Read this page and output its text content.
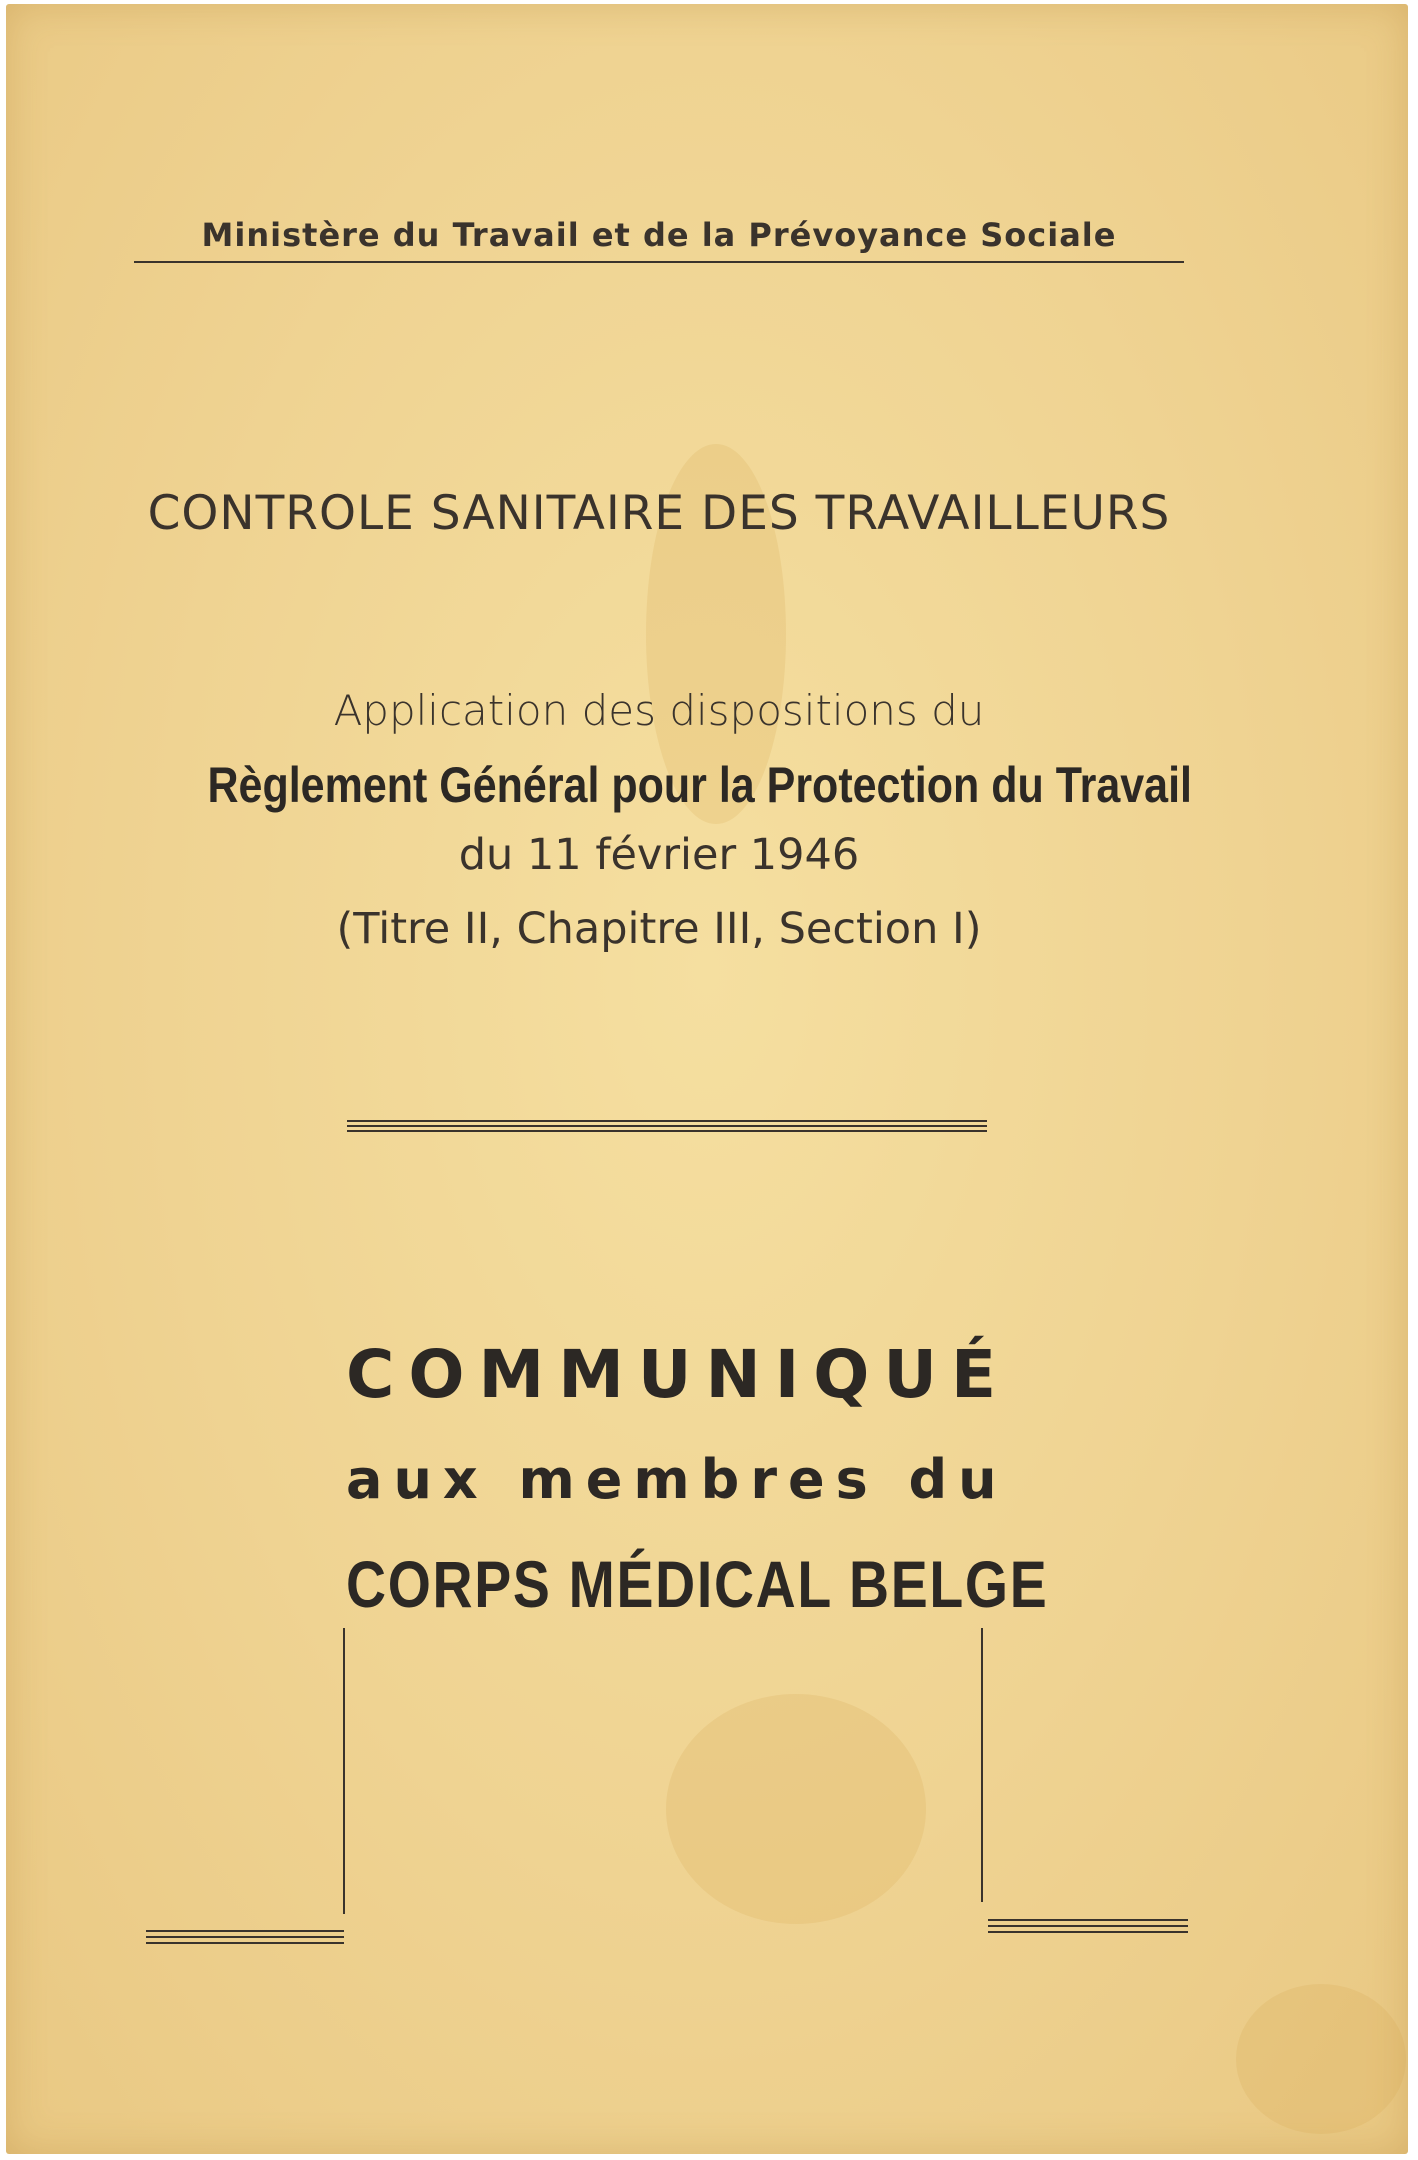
Ministère du Travail et de la Prévoyance Sociale
CONTROLE SANITAIRE DES TRAVAILLEURS
Application des dispositions du
Règlement Général pour la Protection du Travail
du 11 février 1946
(Titre II, Chapitre III, Section I)
COMMUNIQUÉ
aux membres du
CORPS MÉDICAL BELGE
